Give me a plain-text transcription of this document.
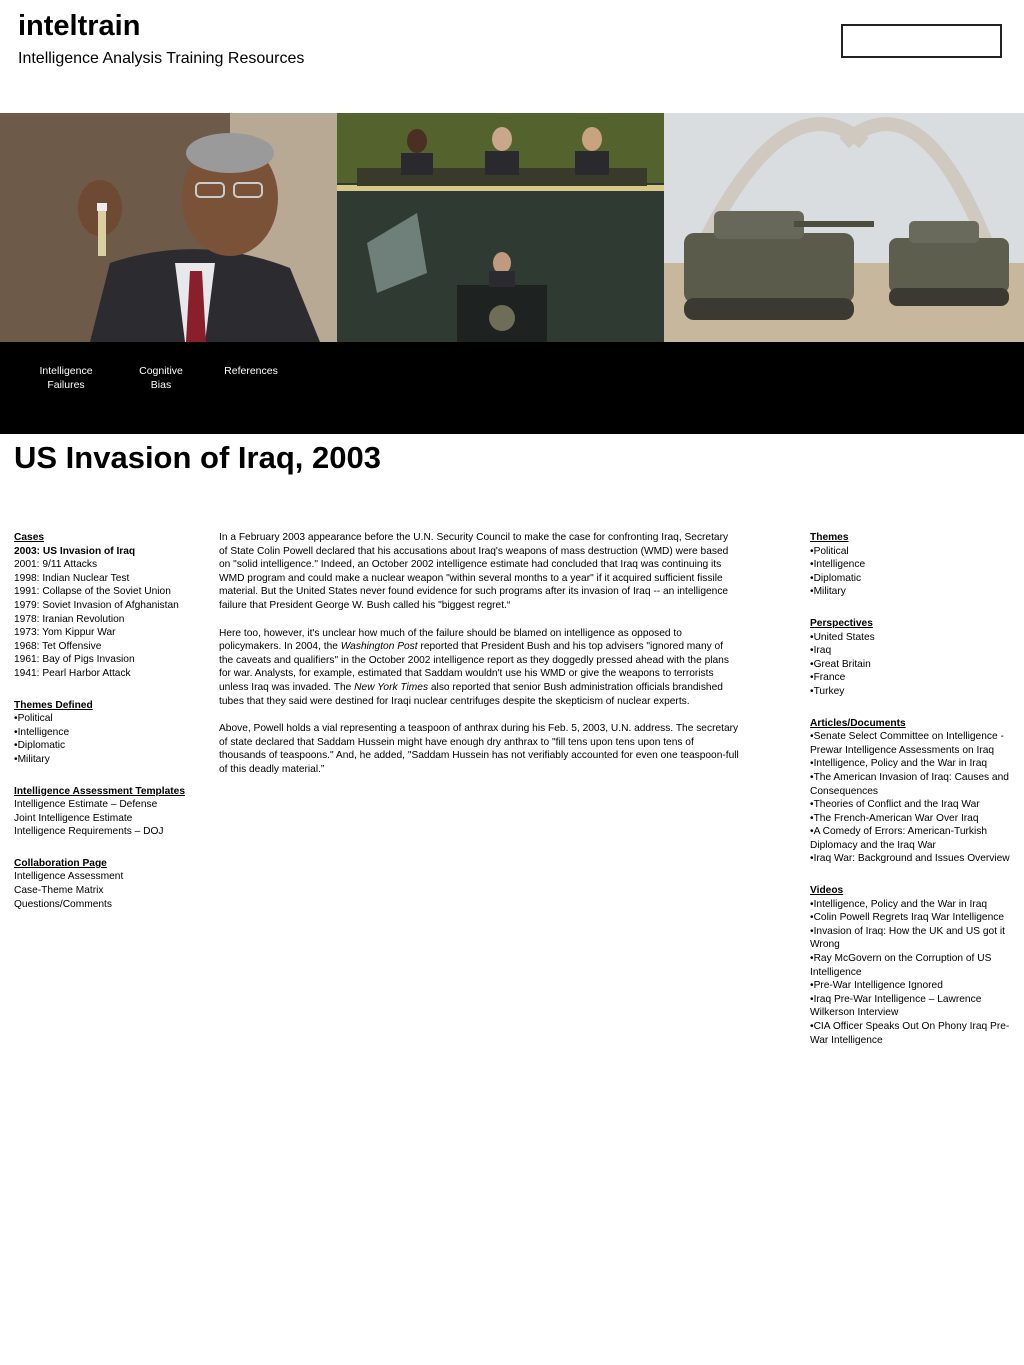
inteltrain
Intelligence Analysis Training Resources
Intelligence
Failures
Cognitive
Bias
References
US Invasion of Iraq, 2003
Cases
2003: US Invasion of Iraq
2001: 9/11 Attacks
1998: Indian Nuclear Test
1991: Collapse of the Soviet Union
1979: Soviet Invasion of Afghanistan
1978: Iranian Revolution
1973: Yom Kippur War
1968: Tet Offensive
1961: Bay of Pigs Invasion
1941: Pearl Harbor Attack
Themes Defined
•Political
•Intelligence
•Diplomatic
•Military
Intelligence Assessment Templates
Intelligence Estimate – Defense
Joint Intelligence Estimate
Intelligence Requirements – DOJ
Collaboration Page
Intelligence Assessment
Case-Theme Matrix
Questions/Comments

In a February 2003 appearance before the U.N. Security Council to make the case for confronting Iraq, Secretary of State Colin Powell declared that his accusations about Iraq's weapons of mass destruction (WMD) were based on "solid intelligence." Indeed, an October 2002 intelligence estimate had concluded that Iraq was continuing its WMD program and could make a nuclear weapon "within several months to a year" if it acquired sufficient fissile material. But the United States never found evidence for such programs after its invasion of Iraq -- an intelligence failure that President George W. Bush called his "biggest regret.“

Here too, however, it's unclear how much of the failure should be blamed on intelligence as opposed to policymakers. In 2004, the Washington Post reported that President Bush and his top advisers "ignored many of the caveats and qualifiers" in the October 2002 intelligence report as they doggedly pressed ahead with the plans for war. Analysts, for example, estimated that Saddam wouldn't use his WMD or give the weapons to terrorists unless Iraq was invaded. The New York Times also reported that senior Bush administration officials brandished tubes that they said were destined for Iraqi nuclear centrifuges despite the skepticism of nuclear experts.

Above, Powell holds a vial representing a teaspoon of anthrax during his Feb. 5, 2003, U.N. address. The secretary of state declared that Saddam Hussein might have enough dry anthrax to "fill tens upon tens upon tens of thousands of teaspoons." And, he added, "Saddam Hussein has not verifiably accounted for even one teaspoon-full of this deadly material.”

Themes
•Political
•Intelligence
•Diplomatic
•Military
Perspectives
•United States
•Iraq
•Great Britain
•France
•Turkey
Articles/Documents
•Senate Select Committee on Intelligence - Prewar Intelligence Assessments on Iraq
•Intelligence, Policy and the War in Iraq
•The American Invasion of Iraq: Causes and Consequences
•Theories of Conflict and the Iraq War
•The French-American War Over Iraq
•A Comedy of Errors: American-Turkish Diplomacy and the Iraq War
•Iraq War: Background and Issues Overview
Videos
•Intelligence, Policy and the War in Iraq
•Colin Powell Regrets Iraq War Intelligence
•Invasion of Iraq: How the UK and US got it Wrong
•Ray McGovern on the Corruption of US Intelligence
•Pre-War Intelligence Ignored
•Iraq Pre-War Intelligence – Lawrence Wilkerson Interview
•CIA Officer Speaks Out On Phony Iraq Pre-War Intelligence
